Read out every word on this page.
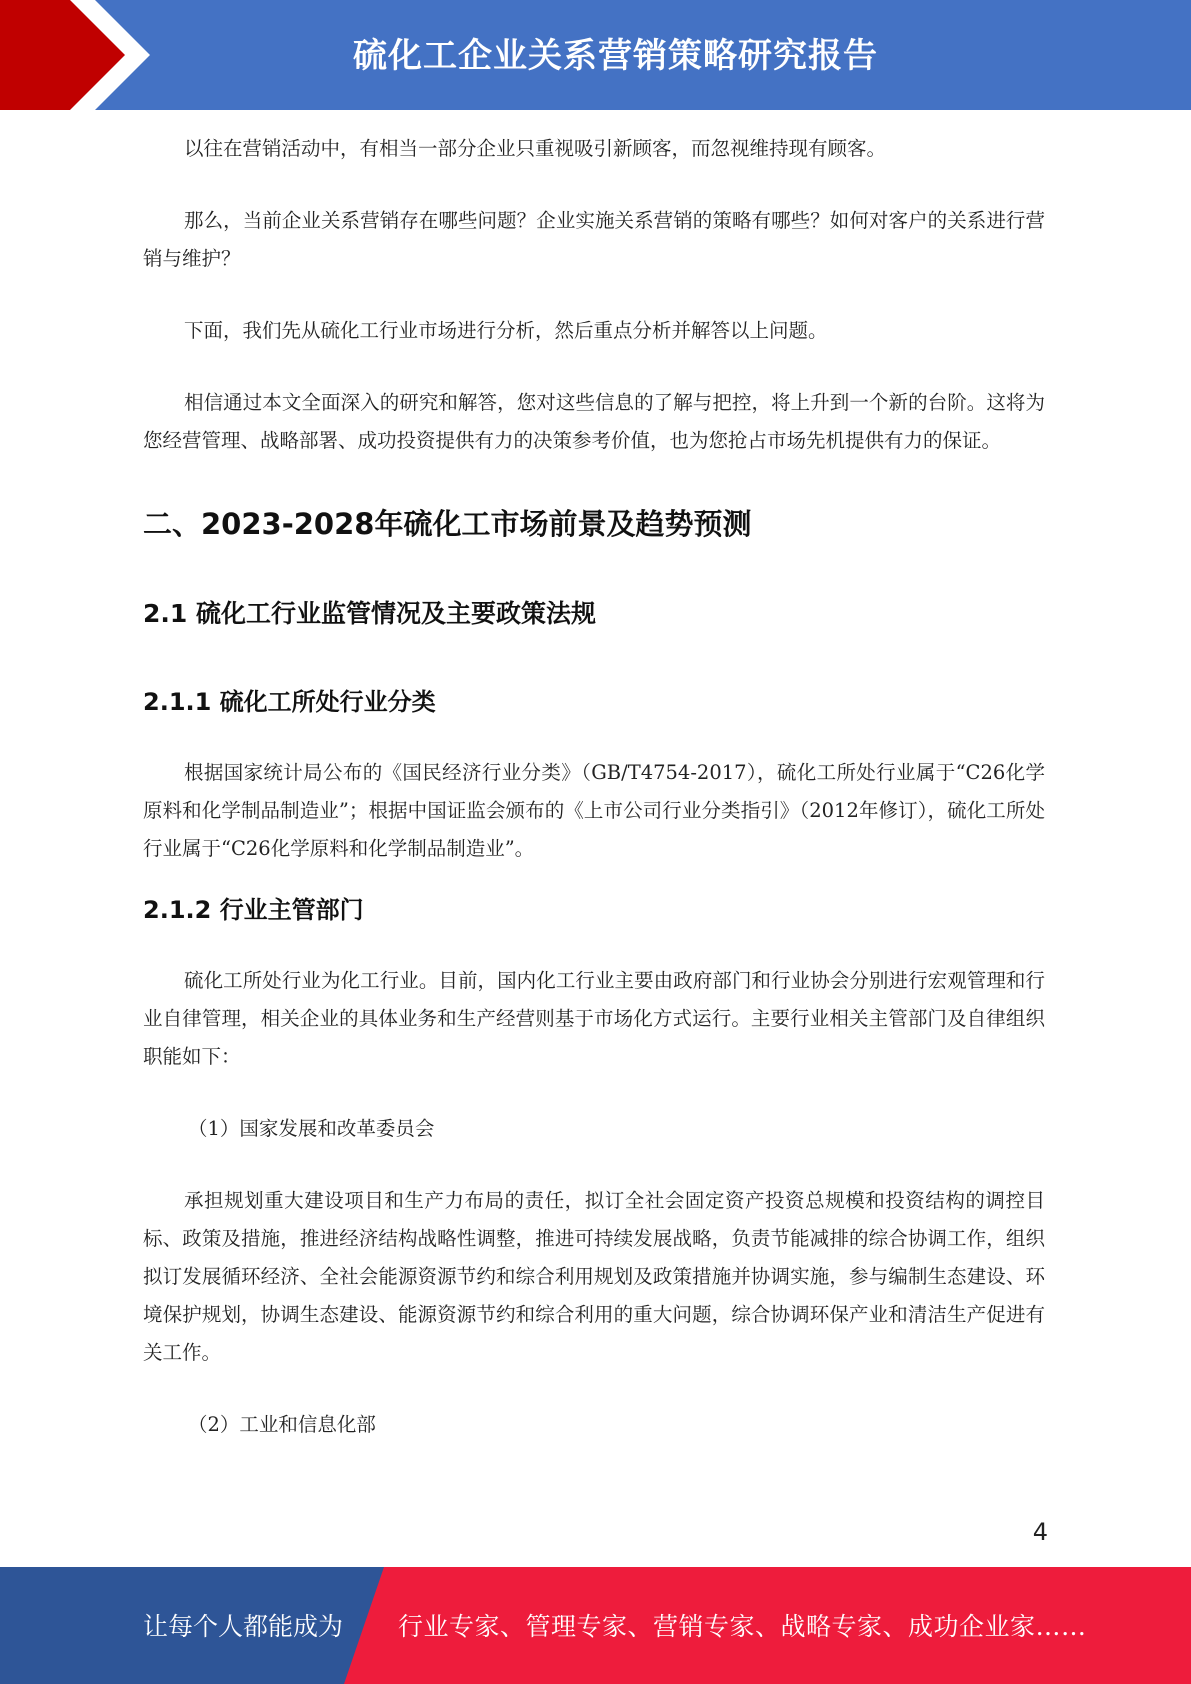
硫化工企业关系营销策略研究报告

以往在营销活动中，有相当一部分企业只重视吸引新顾客，而忽视维持现有顾客。

那么，当前企业关系营销存在哪些问题？企业实施关系营销的策略有哪些？如何对客户的关系进行营销与维护？

下面，我们先从硫化工行业市场进行分析，然后重点分析并解答以上问题。

相信通过本文全面深入的研究和解答，您对这些信息的了解与把控，将上升到一个新的台阶。这将为您经营管理、战略部署、成功投资提供有力的决策参考价值，也为您抢占市场先机提供有力的保证。

二、2023-2028年硫化工市场前景及趋势预测
2.1 硫化工行业监管情况及主要政策法规
2.1.1 硫化工所处行业分类

根据国家统计局公布的《国民经济行业分类》（GB/T4754-2017），硫化工所处行业属于“C26化学原料和化学制品制造业”；根据中国证监会颁布的《上市公司行业分类指引》（2012年修订），硫化工所处行业属于“C26化学原料和化学制品制造业”。

2.1.2 行业主管部门

硫化工所处行业为化工行业。目前，国内化工行业主要由政府部门和行业协会分别进行宏观管理和行业自律管理，相关企业的具体业务和生产经营则基于市场化方式运行。主要行业相关主管部门及自律组织职能如下：

（1）国家发展和改革委员会

承担规划重大建设项目和生产力布局的责任，拟订全社会固定资产投资总规模和投资结构的调控目标、政策及措施，推进经济结构战略性调整，推进可持续发展战略，负责节能减排的综合协调工作，组织拟订发展循环经济、全社会能源资源节约和综合利用规划及政策措施并协调实施，参与编制生态建设、环境保护规划，协调生态建设、能源资源节约和综合利用的重大问题，综合协调环保产业和清洁生产促进有关工作。

（2）工业和信息化部

4
让每个人都能成为 行业专家、管理专家、营销专家、战略专家、成功企业家……
